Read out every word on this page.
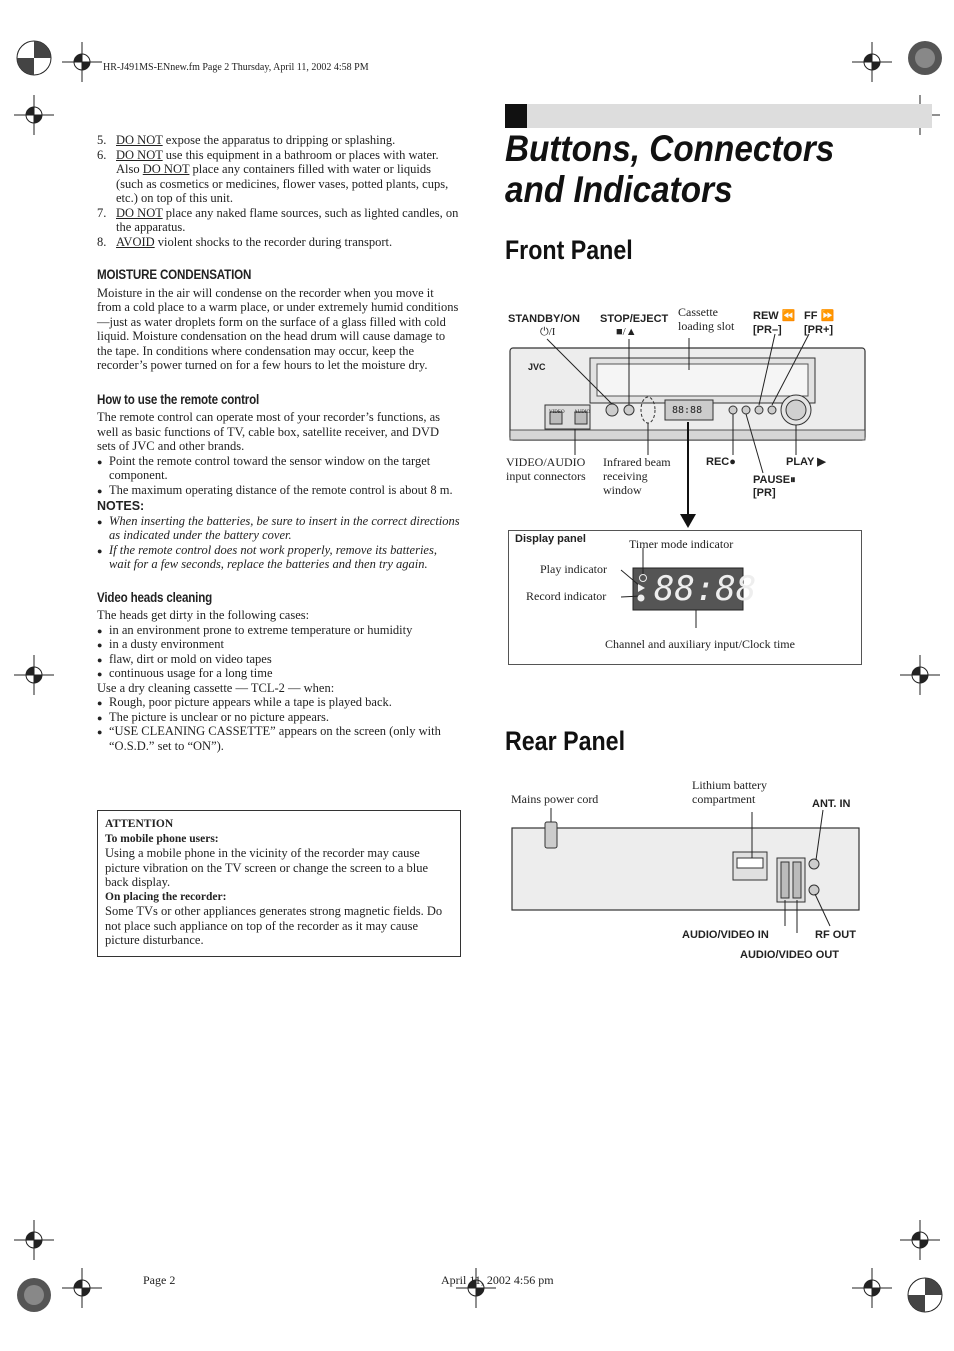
HR-J491MS-ENnew.fm Page 2 Thursday, April 11, 2002 4:58 PM
5. DO NOT expose the apparatus to dripping or splashing.
6. DO NOT use this equipment in a bathroom or places with water. Also DO NOT place any containers filled with water or liquids (such as cosmetics or medicines, flower vases, potted plants, cups, etc.) on top of this unit.
7. DO NOT place any naked flame sources, such as lighted candles, on the apparatus.
8. AVOID violent shocks to the recorder during transport.
MOISTURE CONDENSATION

Moisture in the air will condense on the recorder when you move it from a cold place to a warm place, or under extremely humid conditions—just as water droplets form on the surface of a glass filled with cold liquid. Moisture condensation on the head drum will cause damage to the tape. In conditions where condensation may occur, keep the recorder’s power turned on for a few hours to let the moisture dry.

How to use the remote control

The remote control can operate most of your recorder’s functions, as well as basic functions of TV, cable box, satellite receiver, and DVD sets of JVC and other brands.

● Point the remote control toward the sensor window on the target component.
● The maximum operating distance of the remote control is about 8 m.
NOTES:
● When inserting the batteries, be sure to insert in the correct directions as indicated under the battery cover.
● If the remote control does not work properly, remove its batteries, wait for a few seconds, replace the batteries and then try again.
Video heads cleaning

The heads get dirty in the following cases:

● in an environment prone to extreme temperature or humidity
● in a dusty environment
● flaw, dirt or mold on video tapes
● continuous usage for a long time

Use a dry cleaning cassette — TCL-2 — when:

● Rough, poor picture appears while a tape is played back.
● The picture is unclear or no picture appears.
● “USE CLEANING CASSETTE” appears on the screen (only with “O.S.D.” set to “ON”).
ATTENTION
To mobile phone users:
Using a mobile phone in the vicinity of the recorder may cause picture vibration on the TV screen or change the screen to a blue back display.
On placing the recorder:
Some TVs or other appliances generates strong magnetic fields. Do not place such appliance on top of the recorder as it may cause picture disturbance.
Buttons, Connectors
and Indicators
Front Panel
STANDBY/ON
⏻/I
STOP/EJECT
■/▲
Cassette loading slot
REW ⏪
[PR–]
FF ⏩
[PR+]
JVC
VIDEO AUDIO	88:88
VIDEO/AUDIO input connectors
Infrared beam receiving window
REC●	PLAY ▶
PAUSE⏸
[PR]
Display panel	Timer mode indicator
Play indicator
Record indicator 88:88
Channel and auxiliary input/Clock time
Rear Panel
Mains power cord
Lithium battery compartment	ANT. IN
AUDIO/VIDEO IN	RF OUT
AUDIO/VIDEO OUT
Page 2	April 11, 2002 4:56 pm
